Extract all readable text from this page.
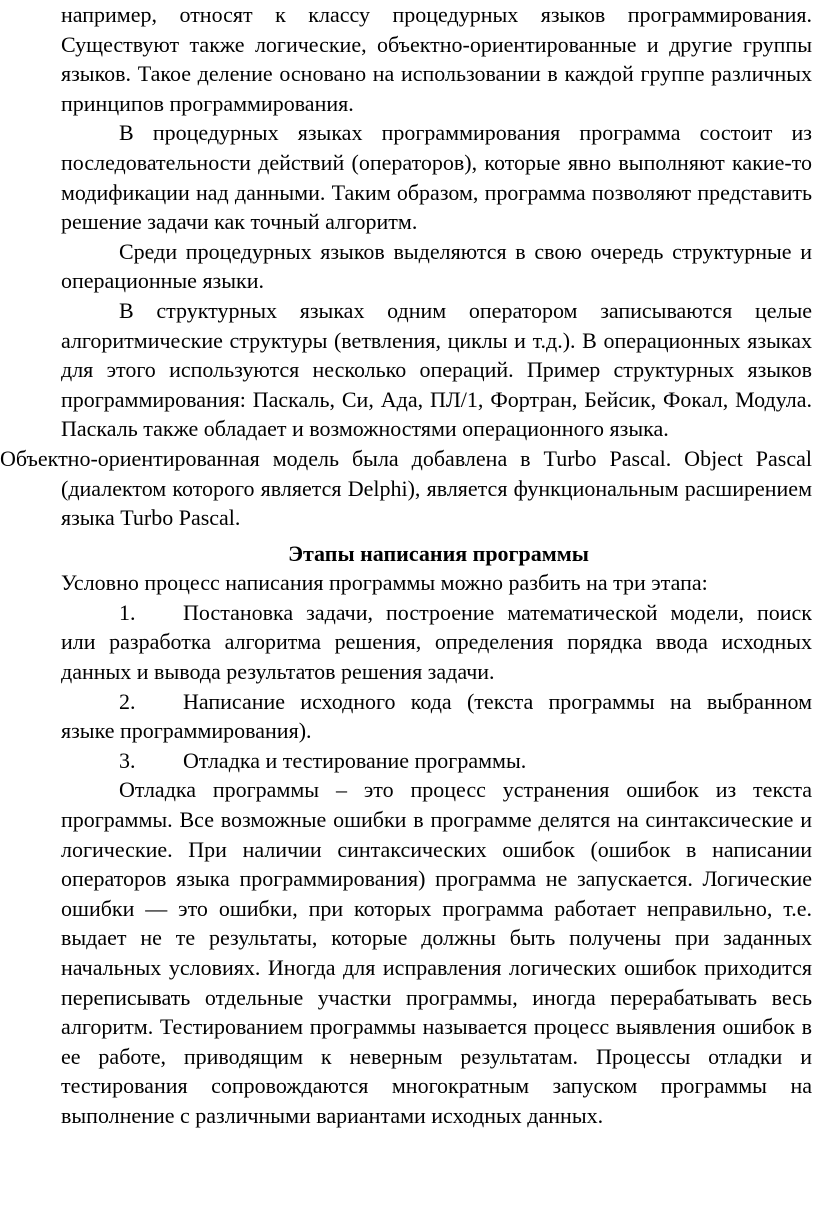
например, относят к классу процедурных языков программирования. Существуют также логические, объектно-ориентированные и другие группы языков. Такое деление основано на использовании в каждой группе различных принципов программирования.

В процедурных языках программирования программа состоит из последовательности действий (операторов), которые явно выполняют какие-то модификации над данными. Таким образом, программа позволяют представить решение задачи как точный алгоритм.

Среди процедурных языков выделяются в свою очередь структурные и операционные языки.

В структурных языках одним оператором записываются целые алгоритмические структуры (ветвления, циклы и т.д.). В операционных языках для этого используются несколько операций. Пример структурных языков программирования: Паскаль, Си, Ада, ПЛ/1, Фортран, Бейсик, Фокал, Модула. Паскаль также обладает и возможностями операционного языка.

Объектно-ориентированная модель была добавлена в Turbo Pascal. Object Pascal (диалектом которого является Delphi), является функциональным расширением языка Turbo Pascal.

Этапы написания программы

Условно процесс написания программы можно разбить на три этапа:

1. Постановка задачи, построение математической модели, поиск или разработка алгоритма решения, определения порядка ввода исходных данных и вывода результатов решения задачи.

2. Написание исходного кода (текста программы на выбранном языке программирования).

3. Отладка и тестирование программы.

Отладка программы – это процесс устранения ошибок из текста программы. Все возможные ошибки в программе делятся на синтаксические и логические. При наличии синтаксических ошибок (ошибок в написании операторов языка программирования) программа не запускается. Логические ошибки — это ошибки, при которых программа работает неправильно, т.е. выдает не те результаты, которые должны быть получены при заданных начальных условиях. Иногда для исправления логических ошибок приходится переписывать отдельные участки программы, иногда перерабатывать весь алгоритм. Тестированием программы называется процесс выявления ошибок в ее работе, приводящим к неверным результатам. Процессы отладки и тестирования сопровождаются многократным запуском программы на выполнение с различными вариантами исходных данных.
